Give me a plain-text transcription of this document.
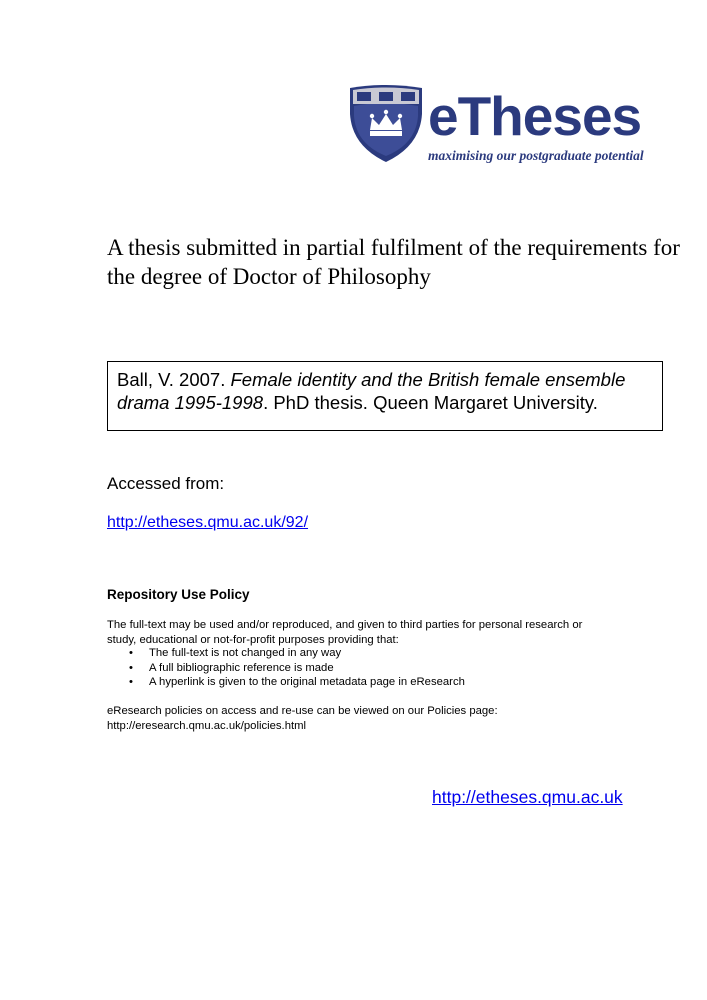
eTheses
maximising our postgraduate potential
A thesis submitted in partial fulfilment of the requirements for the degree of Doctor of Philosophy
Ball, V. 2007. Female identity and the British female ensemble drama 1995-1998. PhD thesis. Queen Margaret University.
Accessed from:
http://etheses.qmu.ac.uk/92/
Repository Use Policy
The full-text may be used and/or reproduced, and given to third parties for personal research or study, educational or not-for-profit purposes providing that:
• The full-text is not changed in any way
• A full bibliographic reference is made
• A hyperlink is given to the original metadata page in eResearch
eResearch policies on access and re-use can be viewed on our Policies page: http://eresearch.qmu.ac.uk/policies.html
http://etheses.qmu.ac.uk
